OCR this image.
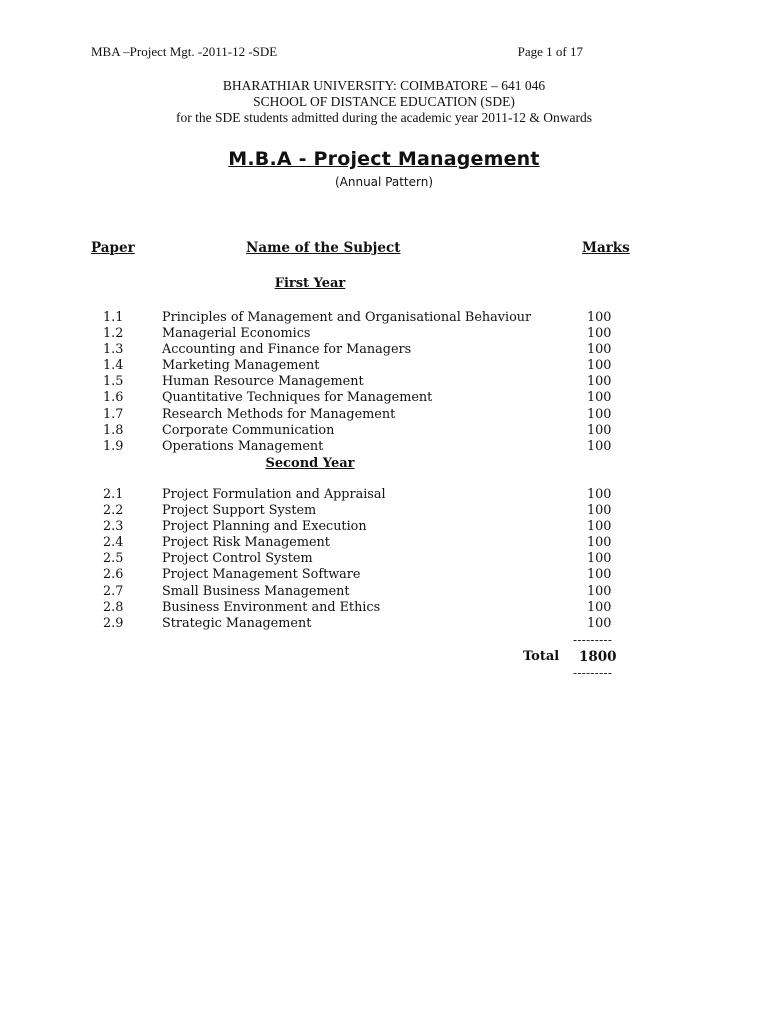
MBA –Project Mgt. -2011-12 -SDE	Page 1 of 17
BHARATHIAR UNIVERSITY: COIMBATORE – 641 046
SCHOOL OF DISTANCE EDUCATION (SDE)
for the SDE students admitted during the academic year 2011-12 & Onwards
M.B.A - Project Management
(Annual Pattern)
Paper	Name of the Subject	Marks
First Year
1.1	Principles of Management and Organisational Behaviour	100
1.2	Managerial Economics	100
1.3	Accounting and Finance for Managers	100
1.4	Marketing Management	100
1.5	Human Resource Management	100
1.6	Quantitative Techniques for Management	100
1.7	Research Methods for Management	100
1.8	Corporate Communication	100
1.9	Operations Management	100
Second Year
2.1	Project Formulation and Appraisal	100
2.2	Project Support System	100
2.3	Project Planning and Execution	100
2.4	Project Risk Management	100
2.5	Project Control System	100
2.6	Project Management Software	100
2.7	Small Business Management	100
2.8	Business Environment and Ethics	100
2.9	Strategic Management	100
---------
Total 1800
---------
